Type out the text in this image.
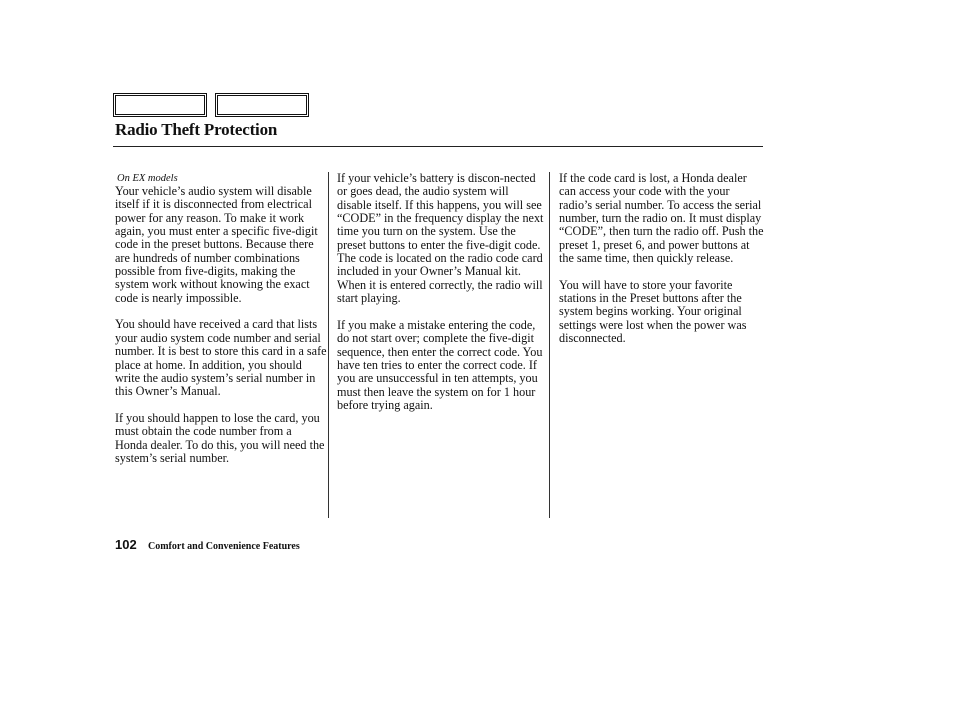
Radio Theft Protection
On EX models

Your vehicle’s audio system will disable itself if it is disconnected from electrical power for any reason. To make it work again, you must enter a specific five-digit code in the preset buttons. Because there are hundreds of number combinations possible from five-digits, making the system work without knowing the exact code is nearly impossible.

You should have received a card that lists your audio system code number and serial number. It is best to store this card in a safe place at home. In addition, you should write the audio system’s serial number in this Owner’s Manual.

If you should happen to lose the card, you must obtain the code number from a Honda dealer. To do this, you will need the system’s serial number.

If your vehicle’s battery is discon-nected or goes dead, the audio system will disable itself. If this happens, you will see “CODE” in the frequency display the next time you turn on the system. Use the preset buttons to enter the five-digit code. The code is located on the radio code card included in your Owner’s Manual kit. When it is entered correctly, the radio will start playing.

If you make a mistake entering the code, do not start over; complete the five-digit sequence, then enter the correct code. You have ten tries to enter the correct code. If you are unsuccessful in ten attempts, you must then leave the system on for 1 hour before trying again.

If the code card is lost, a Honda dealer can access your code with the your radio’s serial number. To access the serial number, turn the radio on. It must display “CODE”, then turn the radio off. Push the preset 1, preset 6, and power buttons at the same time, then quickly release.

You will have to store your favorite stations in the Preset buttons after the system begins working. Your original settings were lost when the power was disconnected.

102 Comfort and Convenience Features
